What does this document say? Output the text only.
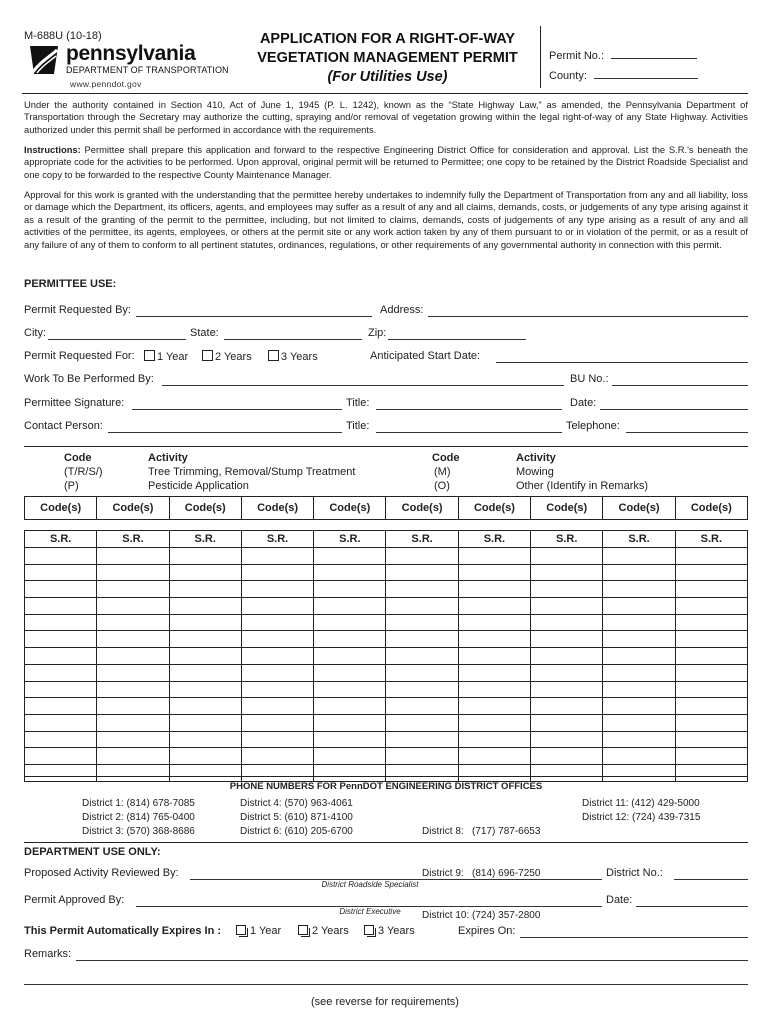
M-688U (10-18)
pennsylvania
DEPARTMENT OF TRANSPORTATION
www.penndot.gov
APPLICATION FOR A RIGHT-OF-WAY
VEGETATION MANAGEMENT PERMIT
(For Utilities Use)
Permit No.:
County:
Under the authority contained in Section 410, Act of June 1, 1945 (P. L. 1242), known as the “State Highway Law,” as amended, the Pennsylvania Department of Transportation through the Secretary may authorize the cutting, spraying and/or removal of vegetation growing within the legal right-of-way of any State Highway. Activities authorized under this permit shall be performed in accordance with the requirements.
Instructions: Permittee shall prepare this application and forward to the respective Engineering District Office for consideration and approval. List the S.R.'s beneath the appropriate code for the activities to be performed. Upon approval, original permit will be returned to Permittee; one copy to be retained by the District Roadside Specialist and one copy to be forwarded to the respective County Maintenance Manager.
Approval for this work is granted with the understanding that the permittee hereby undertakes to indemnify fully the Department of Transportation from any and all liability, loss or damage which the Department, its officers, agents, and employees may suffer as a result of any and all claims, demands, costs, or judgements of any type arising against it as a result of the granting of the permit to the permittee, including, but not limited to claims, demands, costs of judgements of any type arising as a result of any and all activities of the permittee, its agents, employees, or others at the permit site or any work action taken by any of them pursuant to or in violation of the permit, or as a result of any failure of any of them to conform to all pertinent statutes, ordinances, regulations, or other requirements of any governmental authority in connection with this permit.
PERMITTEE USE:
Permit Requested By:	Address:
City:	State:	Zip:
Permit Requested For:	1 Year	2 Years	3 Years	Anticipated Start Date:
Work To Be Performed By:	BU No.:
Permittee Signature:	Title:	Date:
Contact Person:	Title:	Telephone:
Code	Activity
(T/R/S/)	Tree Trimming, Removal/Stump Treatment
(P)	Pesticide Application
Code	Activity
(M)	Mowing
(O)	Other (Identify in Remarks)
Code(s)	Code(s)	Code(s)	Code(s)	Code(s)	Code(s)	Code(s)	Code(s)	Code(s)	Code(s)

S.R.	S.R.	S.R.	S.R.	S.R.	S.R.	S.R.	S.R.	S.R.	S.R.

PHONE NUMBERS FOR PennDOT ENGINEERING DISTRICT OFFICES
District 1: (814) 678-7085
District 2: (814) 765-0400
District 3: (570) 368-8686
District 4: (570) 963-4061
District 5: (610) 871-4100
District 6: (610) 205-6700

	District 8:   (717) 787-6653

District 9:   (814) 696-7250

District 10: (724) 357-2800

District 11: (412) 429-5000
District 12: (724) 439-7315
DEPARTMENT USE ONLY:
Proposed Activity Reviewed By:	District No.:
District Roadside Specialist
Permit Approved By:	Date:
District Executive
This Permit Automatically Expires In :	1 Year	2 Years	3 Years	Expires On:
Remarks:
(see reverse for requirements)
